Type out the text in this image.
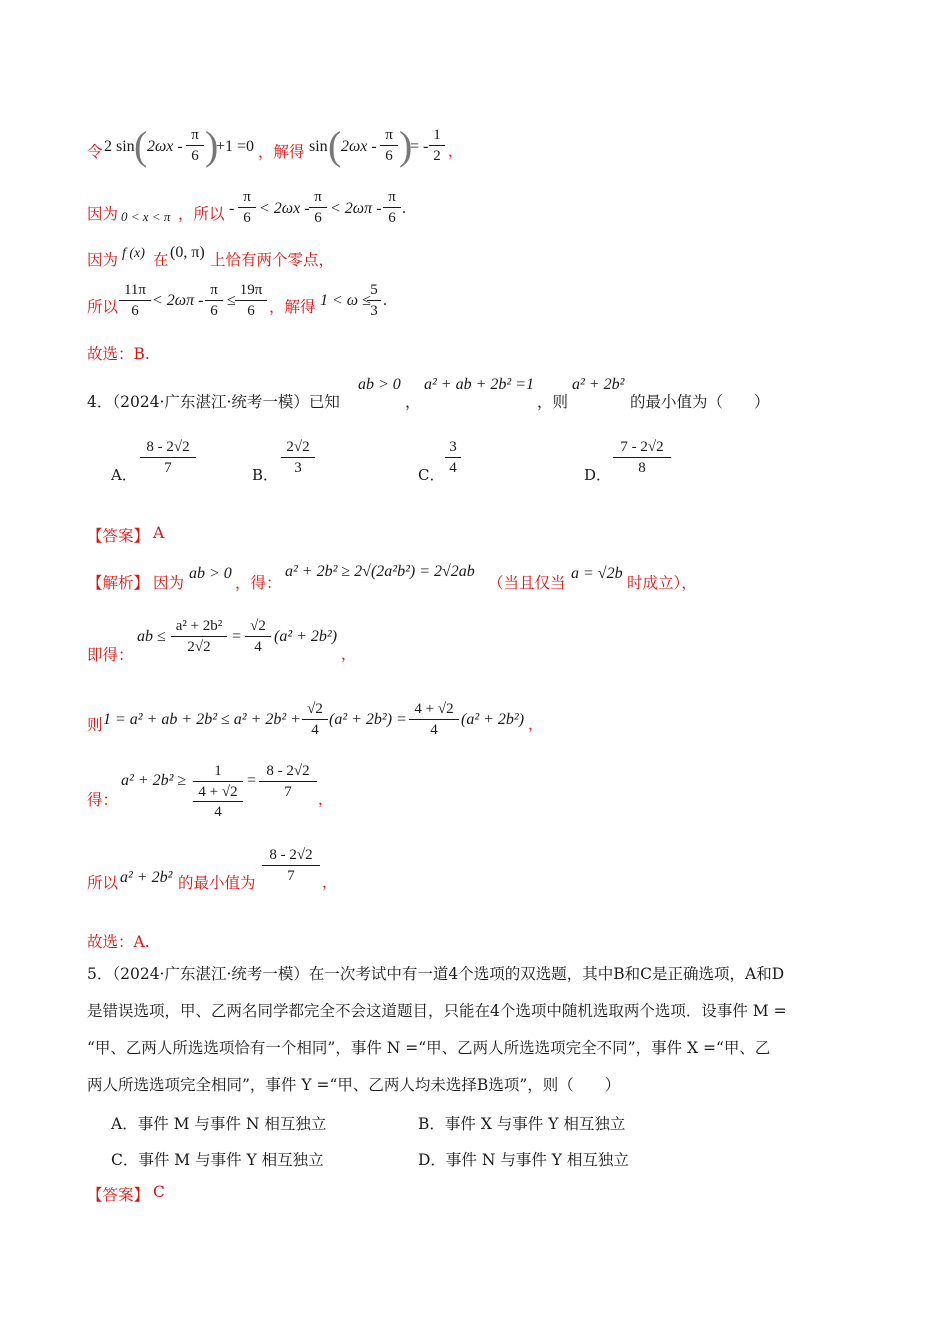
令 2 sin ( $2\omega x - \frac{\pi}{6}$ )
+1 =0 ，解得 sin ( $2\omega x - \frac{\pi}{6}$ )
= - $\frac{1}{2}$ ，
因为 0 < x < π ，所以 - $\frac{\pi}{6} < 2\omega x - \frac{\pi}{6} < 2\omega\pi - \frac{\pi}{6}$ .
因为 f (x) 在 (0, π) 上恰有两个零点，
所以 $\frac{11\pi}{6} < 2\omega\pi - \frac{\pi}{6} \le \frac{19\pi}{6}$ ，解得 1 < ω ≤
$\frac{5}{3}$ .
故选：B.
4．（2024·广东湛江·统考一模）已知
ab > 0
，
a² + ab + 2b² =1
，则
a² + 2b²
的最小值为（　　）
A． $\frac{8 - 2√2}{7}$	B． $\frac{2√2}{3}$	C． $\frac{3}{4}$	D． $\frac{7 - 2√2}{8}$
【答案】 A
【解析】 因为
ab > 0
，得：
a² + 2b² ≥ 2√(2a²b²) = 2√2ab
（当且仅当
a = √2b
时成立），
即得：
ab ≤ $\frac{\text{a² + 2b²}}{2√2} = \frac{√2}{4} (a^2 + 2b^2)$
，
则 1 = a² + ab + $2b^2 \le a^2 + 2b^2 + \frac{√2}{4} (a^2 + 2b^2) = \frac{4 + √2}{4} (a^2 + 2b^2)$ ，
得：
a² + 2b² ≥
1
4 + √2
4
= $\frac{8 - 2√2}{7}$ ，
所以 a² + 2b² 的最小值为 $\frac{8 - 2√2}{7}$ ，
故选：A.
5．（2024·广东湛江·统考一模）在一次考试中有一道4个选项的双选题，其中B和C是正确选项，A和D
是错误选项，甲、乙两名同学都完全不会这道题目，只能在4个选项中随机选取两个选项．设事件 M =
“甲、乙两人所选选项恰有一个相同”，事件 N =“甲、乙两人所选选项完全不同”，事件 X =“甲、乙
两人所选选项完全相同”，事件 Y =“甲、乙两人均未选择B选项”，则（　　）
A．事件 M 与事件 N 相互独立	B．事件 X 与事件 Y 相互独立
C．事件 M 与事件 Y 相互独立	D．事件 N 与事件 Y 相互独立
【答案】 C
